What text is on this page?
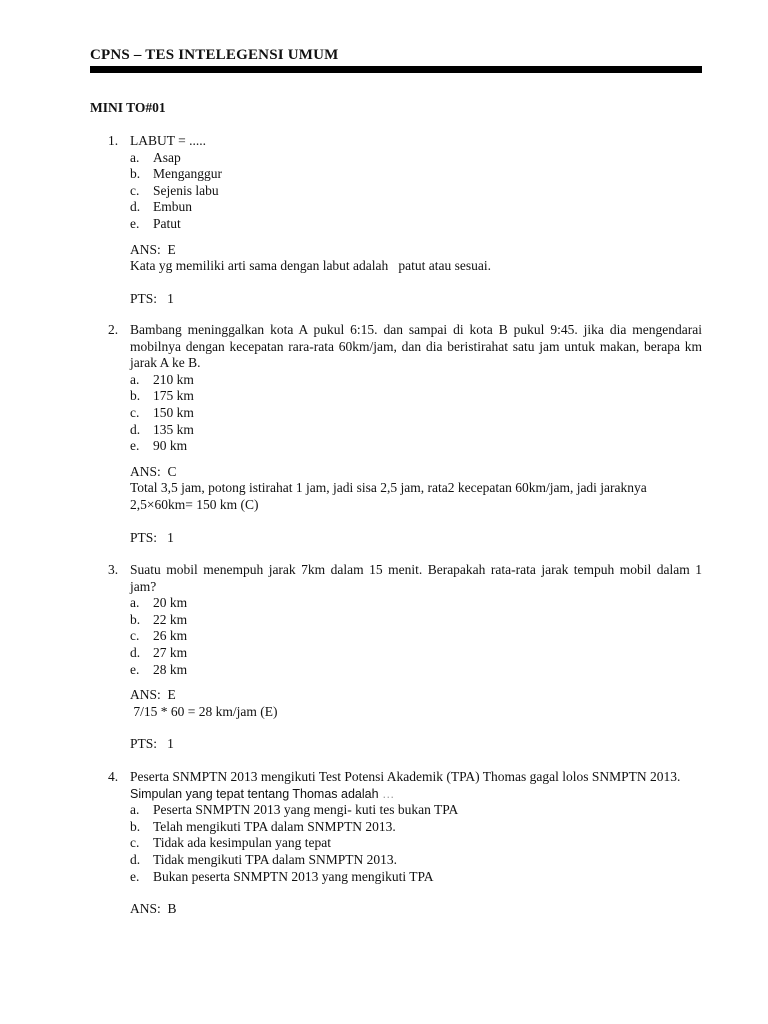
CPNS – TES INTELEGENSI UMUM
MINI TO#01
1. LABUT = .....
a. Asap
b. Menganggur
c. Sejenis labu
d. Embun
e. Patut
ANS:  E
Kata yg memiliki arti sama dengan labut adalah   patut atau sesuai.
PTS:   1
2. Bambang meninggalkan kota A pukul 6:15. dan sampai di kota B pukul 9:45. jika dia mengendarai mobilnya dengan kecepatan rara-rata 60km/jam, dan dia beristirahat satu jam untuk makan, berapa km jarak A ke B.
a. 210 km
b. 175 km
c. 150 km
d. 135 km
e. 90 km
ANS:  C
Total 3,5 jam, potong istirahat 1 jam, jadi sisa 2,5 jam, rata2 kecepatan 60km/jam, jadi jaraknya
2,5×60km= 150 km (C)
PTS:   1
3. Suatu mobil menempuh jarak 7km dalam 15 menit. Berapakah rata-rata jarak tempuh mobil dalam 1 jam?
a. 20 km
b. 22 km
c. 26 km
d. 27 km
e. 28 km
ANS:  E
7/15 * 60 = 28 km/jam (E)
PTS:   1
4. Peserta SNMPTN 2013 mengikuti Test Potensi Akademik (TPA) Thomas gagal lolos SNMPTN 2013.
Simpulan yang tepat tentang Thomas adalah …
a. Peserta SNMPTN 2013 yang mengi- kuti tes bukan TPA
b. Telah mengikuti TPA dalam SNMPTN 2013.
c. Tidak ada kesimpulan yang tepat
d. Tidak mengikuti TPA dalam SNMPTN 2013.
e. Bukan peserta SNMPTN 2013 yang mengikuti TPA
ANS:  B
